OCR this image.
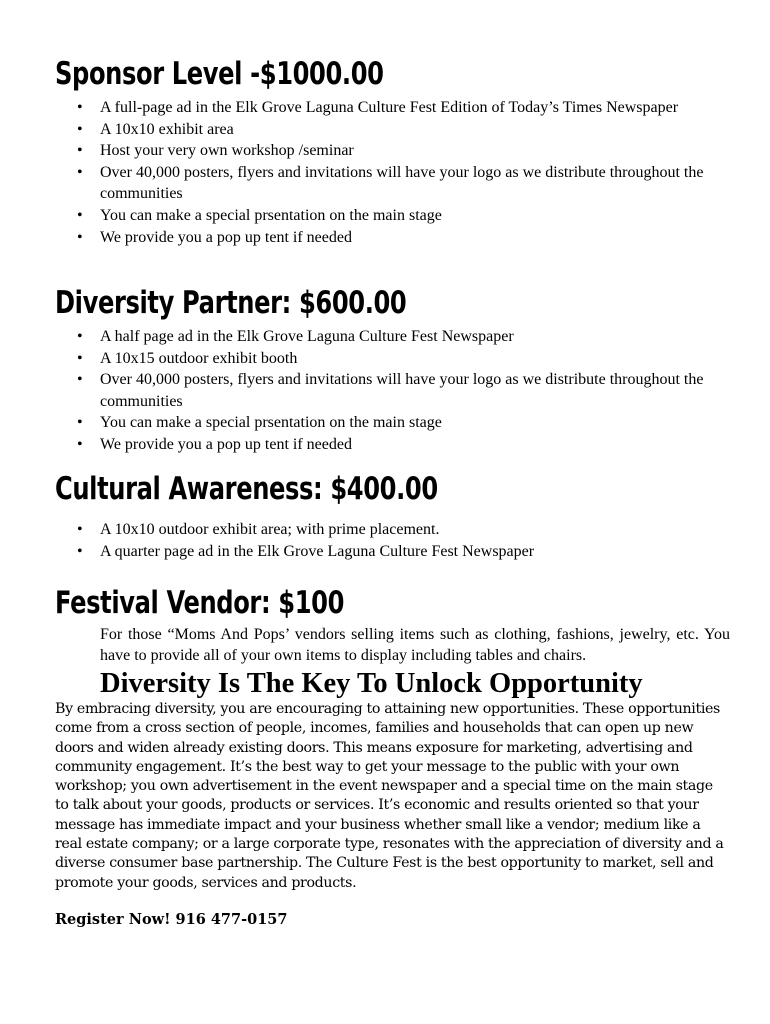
Sponsor Level -$1000.00
• A full-page ad in the Elk Grove Laguna Culture Fest Edition of Today’s Times Newspaper
• A 10x10 exhibit area
• Host your very own workshop /seminar
• Over 40,000 posters, flyers and invitations will have your logo as we distribute throughout the communities
• You can make a special prsentation on the main stage
• We provide you a pop up tent if needed
Diversity Partner: $600.00
• A half page ad in the Elk Grove Laguna Culture Fest Newspaper
• A 10x15 outdoor exhibit booth
• Over 40,000 posters, flyers and invitations will have your logo as we distribute throughout the communities
• You can make a special prsentation on the main stage
• We provide you a pop up tent if needed
Cultural Awareness: $400.00
• A 10x10 outdoor exhibit area; with prime placement.
• A quarter page ad in the Elk Grove Laguna Culture Fest Newspaper
Festival Vendor: $100

For those “Moms And Pops’ vendors selling items such as clothing, fashions, jewelry, etc. You have to provide all of your own items to display including tables and chairs.

Diversity Is The Key To Unlock Opportunity

By embracing diversity, you are encouraging to attaining new opportunities. These opportunities come from a cross section of people, incomes, families and households that can open up new doors and widen already existing doors. This means exposure for marketing, advertising and community engagement. It’s the best way to get your message to the public with your own workshop; you own advertisement in the event newspaper and a special time on the main stage to talk about your goods, products or services. It’s economic and results oriented so that your message has immediate impact and your business whether small like a vendor; medium like a real estate company; or a large corporate type, resonates with the appreciation of diversity and a diverse consumer base partnership. The Culture Fest is the best opportunity to market, sell and promote your goods, services and products.

Register Now! 916 477-0157
